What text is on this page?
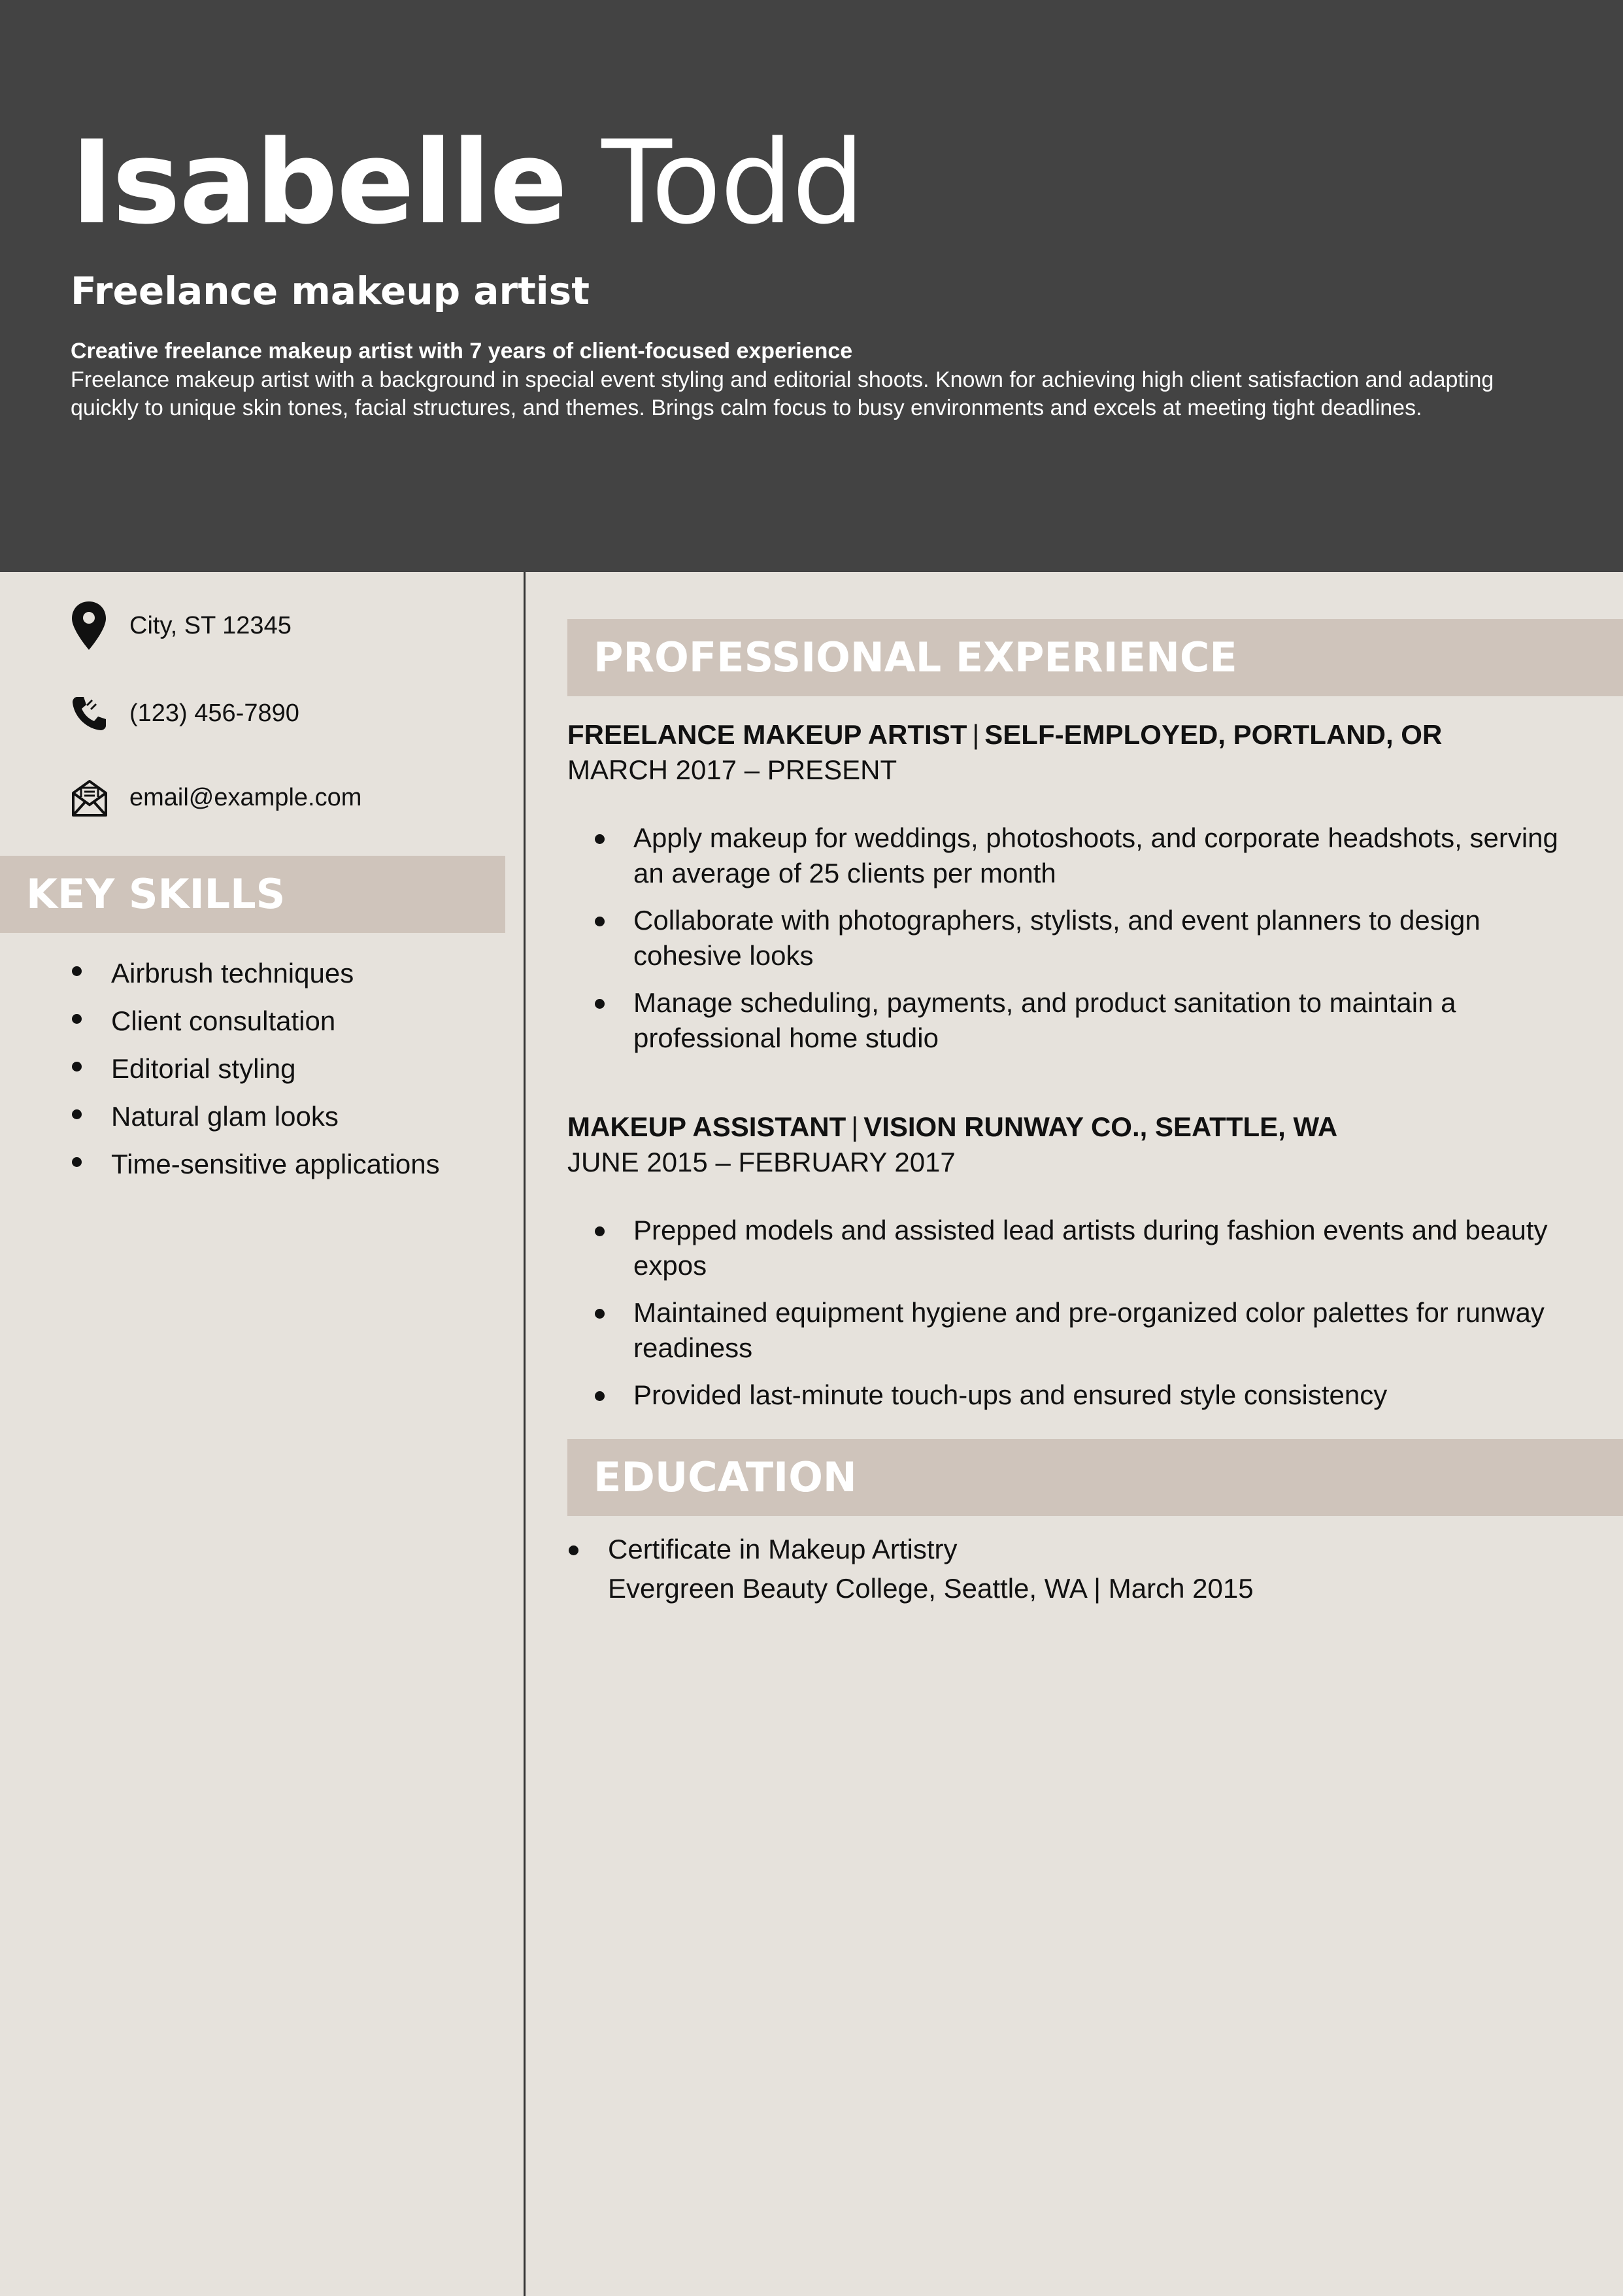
Isabelle Todd
Freelance makeup artist

Creative freelance makeup artist with 7 years of client-focused experience

Freelance makeup artist with a background in special event styling and editorial shoots. Known for achieving high client satisfaction and adapting quickly to unique skin tones, facial structures, and themes. Brings calm focus to busy environments and excels at meeting tight deadlines.

City, ST 12345
(123) 456-7890
email@example.com
KEY SKILLS
Airbrush techniques
Client consultation
Editorial styling
Natural glam looks
Time-sensitive applications
PROFESSIONAL EXPERIENCE

FREELANCE MAKEUP ARTIST | SELF-EMPLOYED, PORTLAND, OR

MARCH 2017 – PRESENT

Apply makeup for weddings, photoshoots, and corporate headshots, serving an average of 25 clients per month
Collaborate with photographers, stylists, and event planners to design cohesive looks
Manage scheduling, payments, and product sanitation to maintain a professional home studio

MAKEUP ASSISTANT | VISION RUNWAY CO., SEATTLE, WA

JUNE 2015 – FEBRUARY 2017

Prepped models and assisted lead artists during fashion events and beauty expos
Maintained equipment hygiene and pre-organized color palettes for runway readiness
Provided last-minute touch-ups and ensured style consistency
EDUCATION
Certificate in Makeup Artistry
Evergreen Beauty College, Seattle, WA | March 2015
